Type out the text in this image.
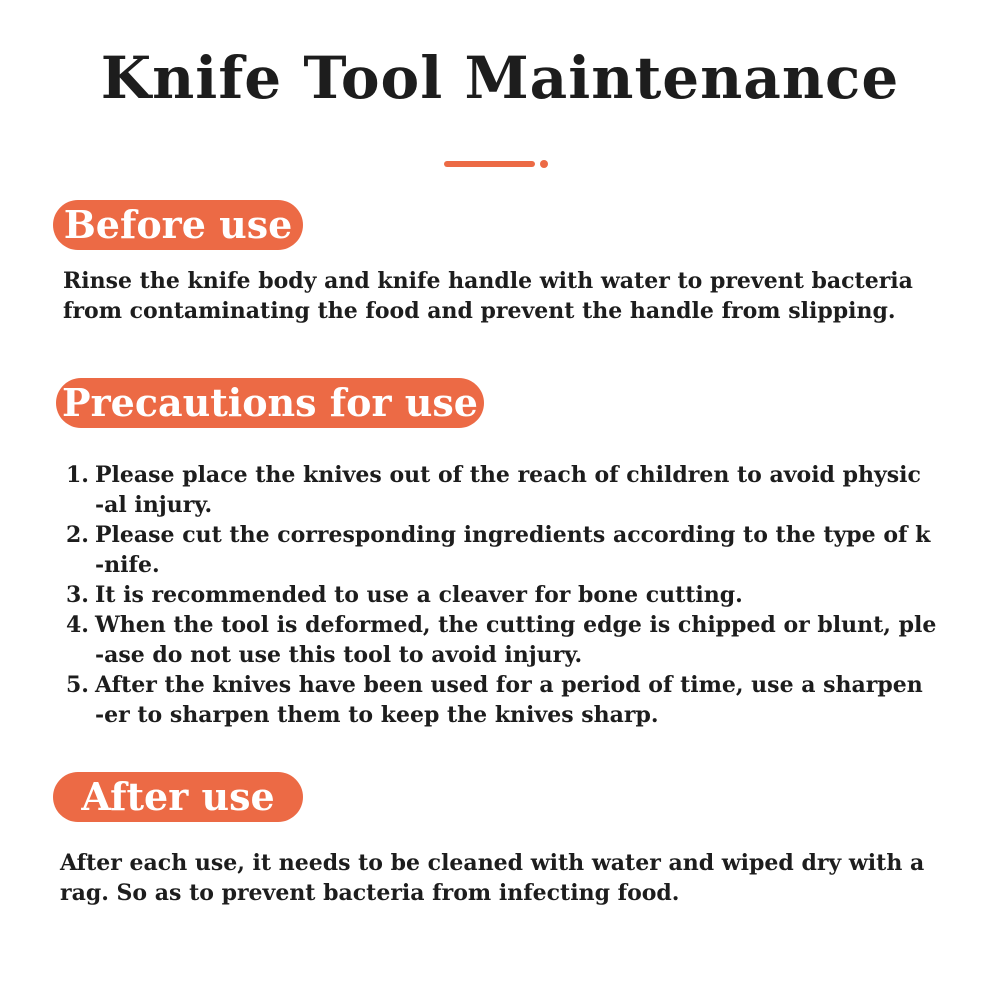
Knife Tool Maintenance
Before use

Rinse the knife body and knife handle with water to prevent bacteria from contaminating the food and prevent the handle from slipping.

Precautions for use
1. Please place the knives out of the reach of children to avoid physic
-al injury.
2. Please cut the corresponding ingredients according to the type of k
-nife.
3. It is recommended to use a cleaver for bone cutting.
4. When the tool is deformed, the cutting edge is chipped or blunt, ple
-ase do not use this tool to avoid injury.
5. After the knives have been used for a period of time, use a sharpen
-er to sharpen them to keep the knives sharp.
After use

After each use, it needs to be cleaned with water and wiped dry with a rag. So as to prevent bacteria from infecting food.
